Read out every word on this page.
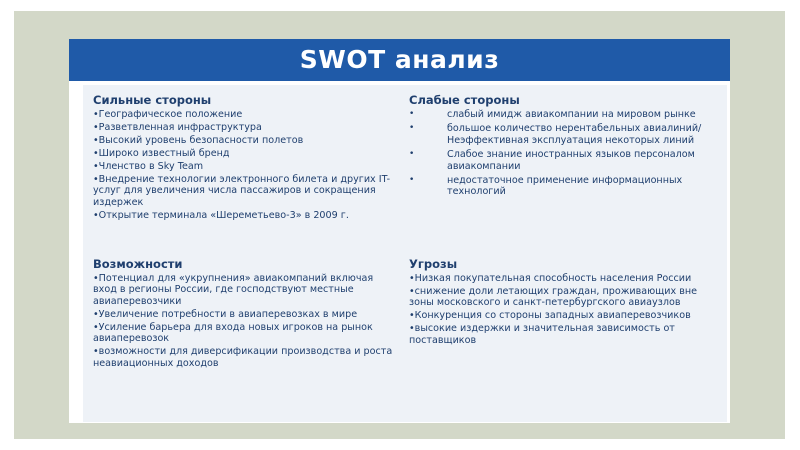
SWOT анализ
Сильные стороны
•Географическое положение
•Разветвленная инфраструктура
•Высокий уровень безопасности полетов
•Широко известный бренд
•Членство в Sky Team
•Внедрение технологии электронного билета и других IT-услуг для увеличения числа пассажиров и сокращения издержек
•Открытие терминала «Шереметьево-3» в 2009 г.
Слабые стороны
•	слабый имидж авиакомпании на мировом рынке
•	большое количество нерентабельных авиалиний/Неэффективная эксплуатация некоторых линий
•	Слабое знание иностранных языков персоналом авиакомпании
•	недостаточное применение информационных технологий
Возможности
•Потенциал для «укрупнения» авиакомпаний включая вход в регионы России, где господствуют местные авиаперевозчики
•Увеличение потребности в авиаперевозках в мире
•Усиление барьера для входа новых игроков на рынок авиаперевозок
•возможности для диверсификации производства и роста неавиационных доходов
Угрозы
•Низкая покупательная способность населения России
•снижение доли летающих граждан, проживающих вне зоны московского и санкт-петербургского авиаузлов
•Конкуренция со стороны западных авиаперевозчиков
•высокие издержки и значительная зависимость от поставщиков
